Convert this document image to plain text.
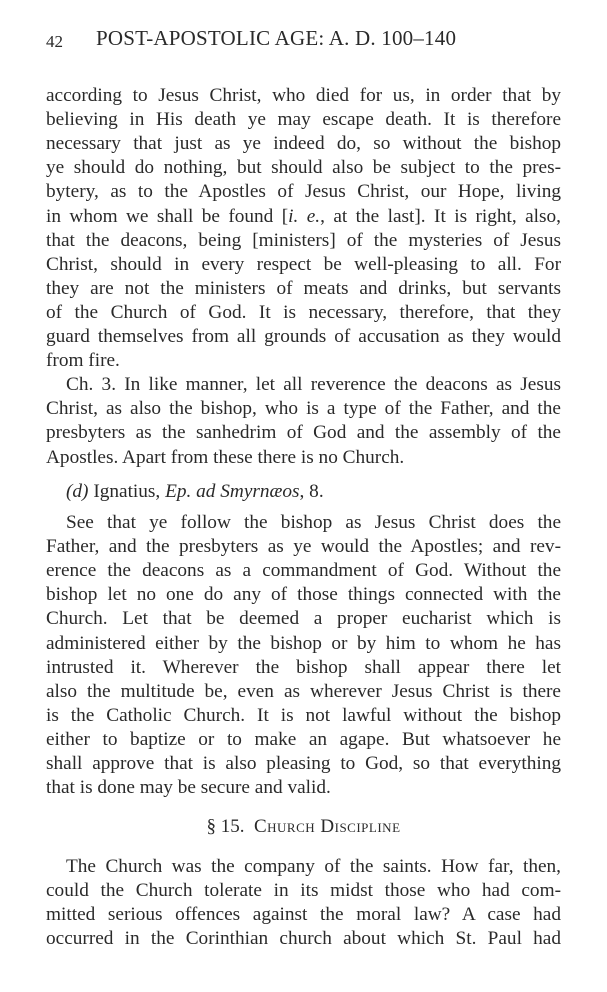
42 POST-APOSTOLIC AGE: A. D. 100–140
according to Jesus Christ, who died for us, in order that by
believing in His death ye may escape death. It is therefore
necessary that just as ye indeed do, so without the bishop
ye should do nothing, but should also be subject to the pres-
bytery, as to the Apostles of Jesus Christ, our Hope, living
in whom we shall be found [i. e., at the last]. It is right, also,
that the deacons, being [ministers] of the mysteries of Jesus
Christ, should in every respect be well-pleasing to all. For
they are not the ministers of meats and drinks, but servants
of the Church of God. It is necessary, therefore, that they
guard themselves from all grounds of accusation as they would
from fire.
Ch. 3. In like manner, let all reverence the deacons as Jesus
Christ, as also the bishop, who is a type of the Father, and the
presbyters as the sanhedrim of God and the assembly of the
Apostles. Apart from these there is no Church.
(d) Ignatius, Ep. ad Smyrnæos, 8.
See that ye follow the bishop as Jesus Christ does the
Father, and the presbyters as ye would the Apostles; and rev-
erence the deacons as a commandment of God. Without the
bishop let no one do any of those things connected with the
Church. Let that be deemed a proper eucharist which is
administered either by the bishop or by him to whom he has
intrusted it. Wherever the bishop shall appear there let
also the multitude be, even as wherever Jesus Christ is there
is the Catholic Church. It is not lawful without the bishop
either to baptize or to make an agape. But whatsoever he
shall approve that is also pleasing to God, so that everything
that is done may be secure and valid.
§ 15. Church Discipline
The Church was the company of the saints. How far, then,
could the Church tolerate in its midst those who had com-
mitted serious offences against the moral law? A case had
occurred in the Corinthian church about which St. Paul had
